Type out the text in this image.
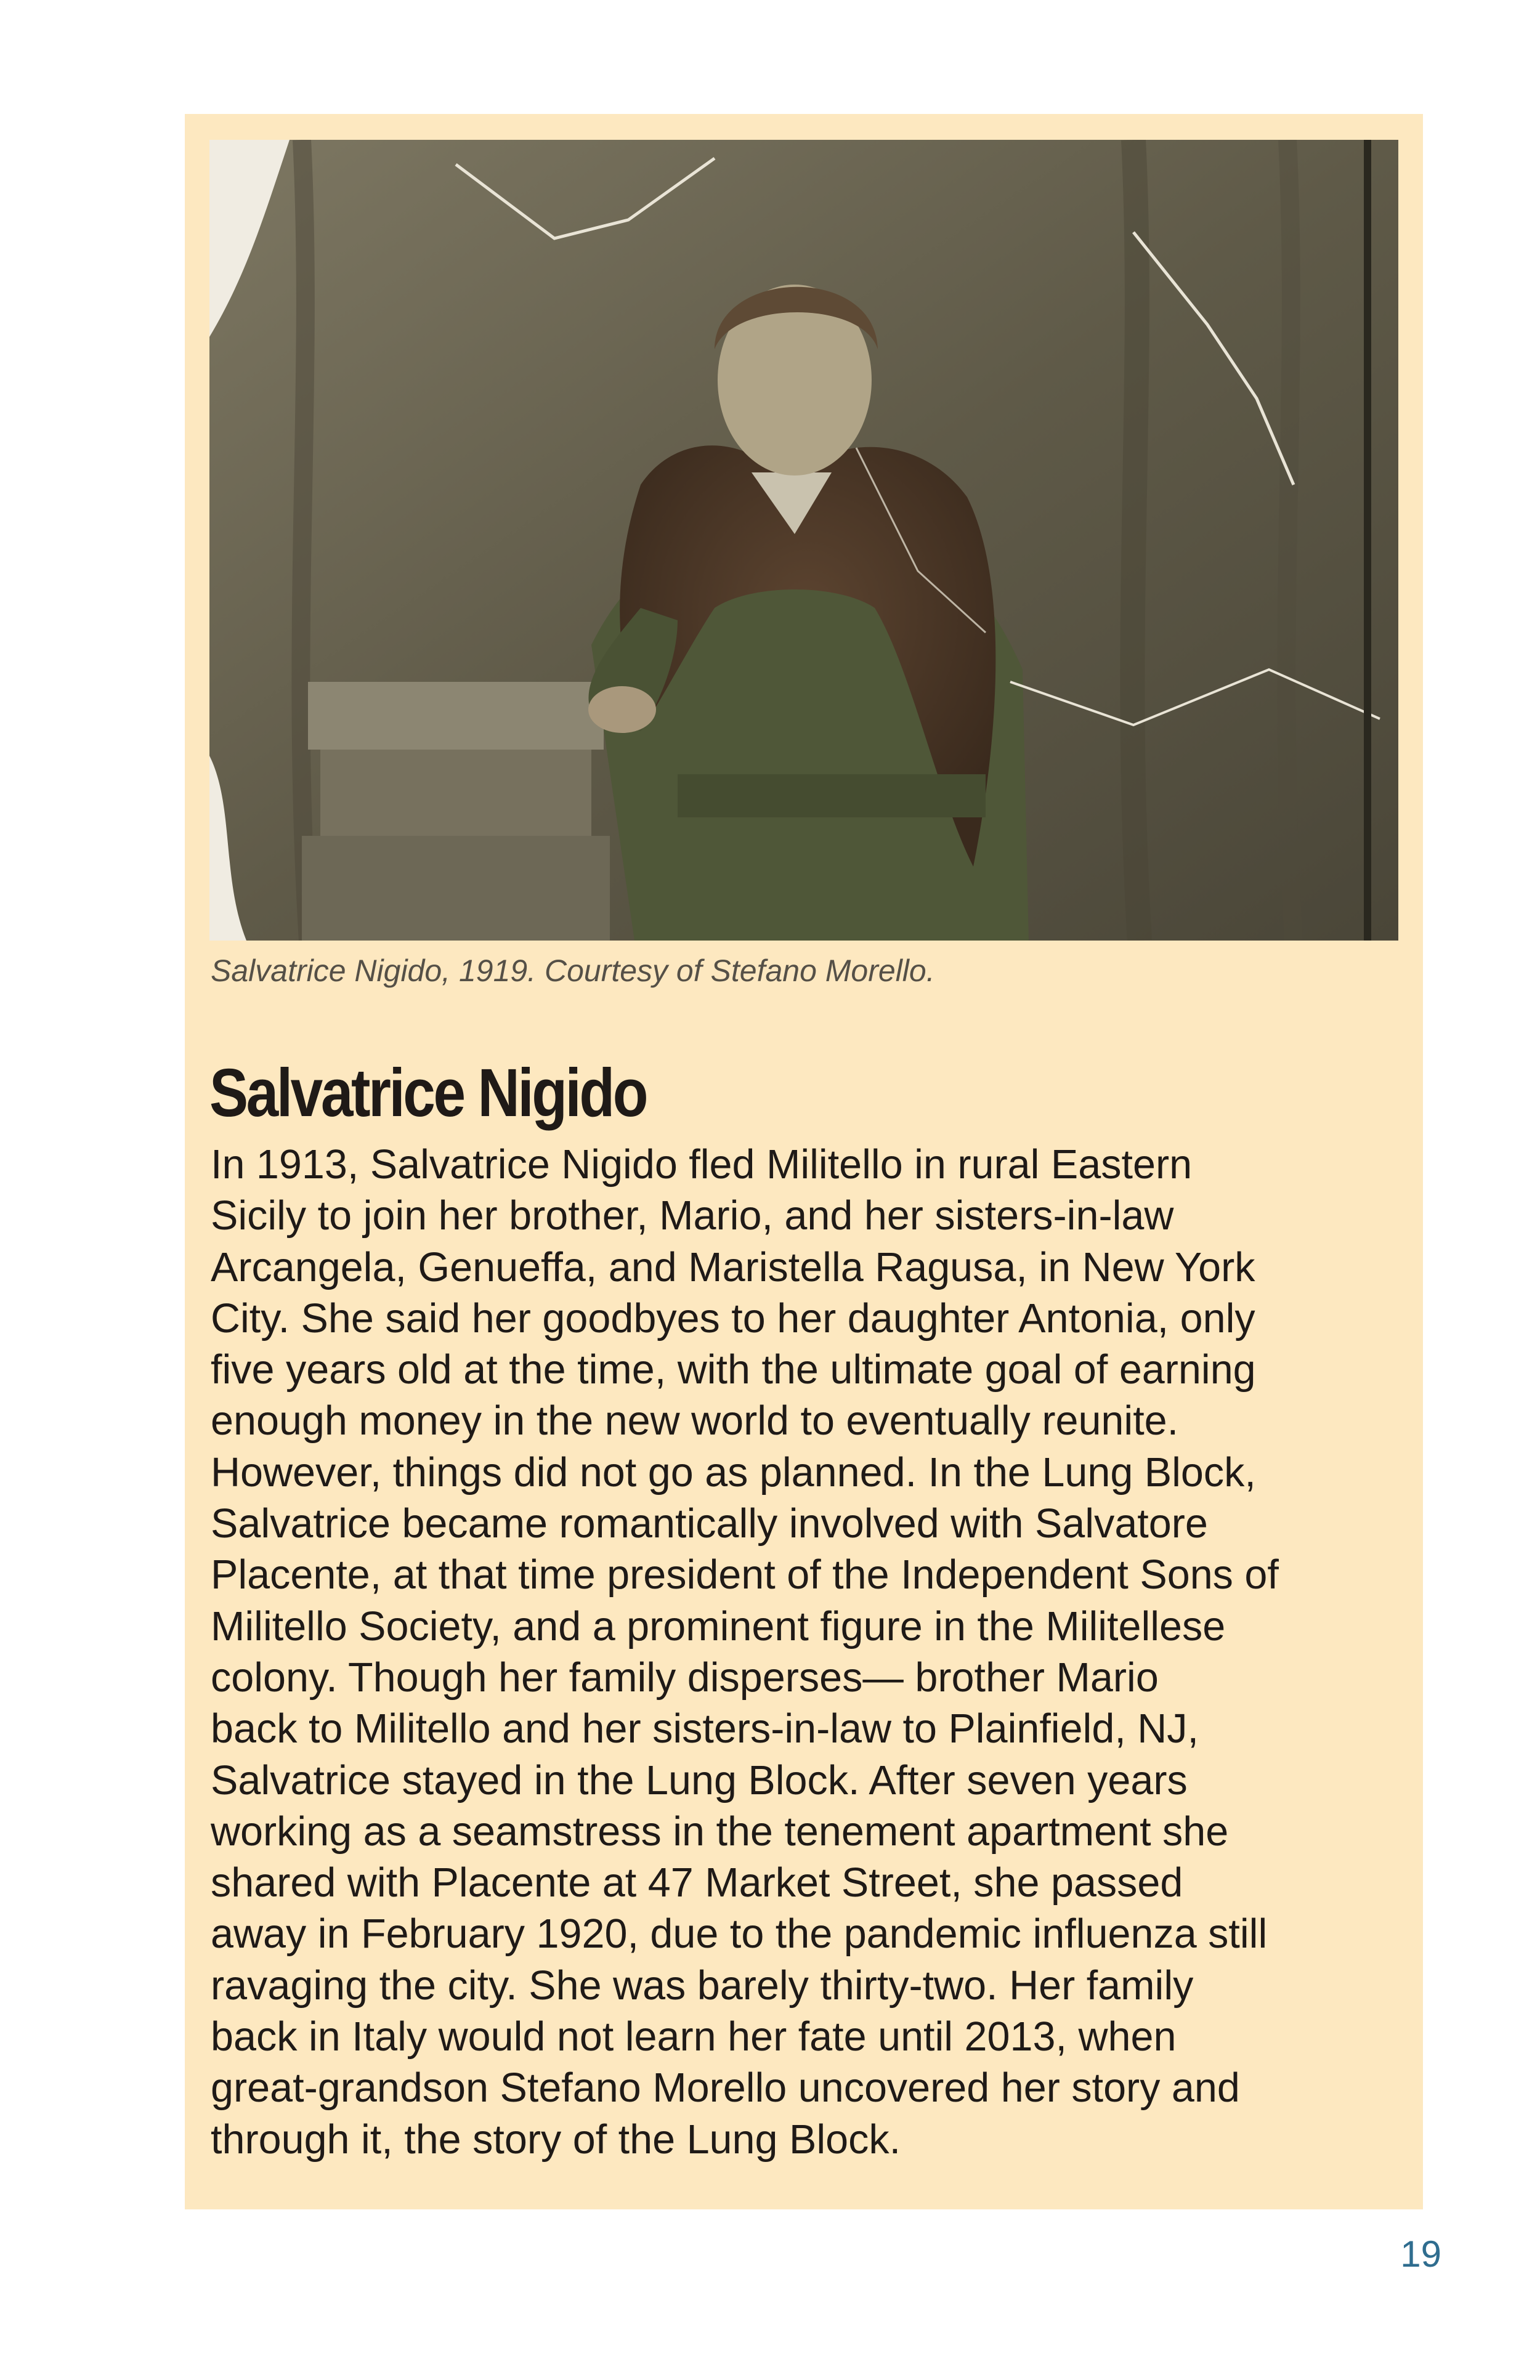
Salvatrice Nigido, 1919. Courtesy of Stefano Morello.
Salvatrice Nigido
In 1913, Salvatrice Nigido fled Militello in rural Eastern
Sicily to join her brother, Mario, and her sisters-in-law
Arcangela, Genueffa, and Maristella Ragusa, in New York
City. She said her goodbyes to her daughter Antonia, only
five years old at the time, with the ultimate goal of earning
enough money in the new world to eventually reunite.
However, things did not go as planned. In the Lung Block,
Salvatrice became romantically involved with Salvatore
Placente, at that time president of the Independent Sons of
Militello Society, and a prominent figure in the Militellese
colony. Though her family disperses— brother Mario
back to Militello and her sisters-in-law to Plainfield, NJ,
Salvatrice stayed in the Lung Block. After seven years
working as a seamstress in the tenement apartment she
shared with Placente at 47 Market Street, she passed
away in February 1920, due to the pandemic influenza still
ravaging the city. She was barely thirty-two. Her family
back in Italy would not learn her fate until 2013, when
great-grandson Stefano Morello uncovered her story and
through it, the story of the Lung Block.
19
